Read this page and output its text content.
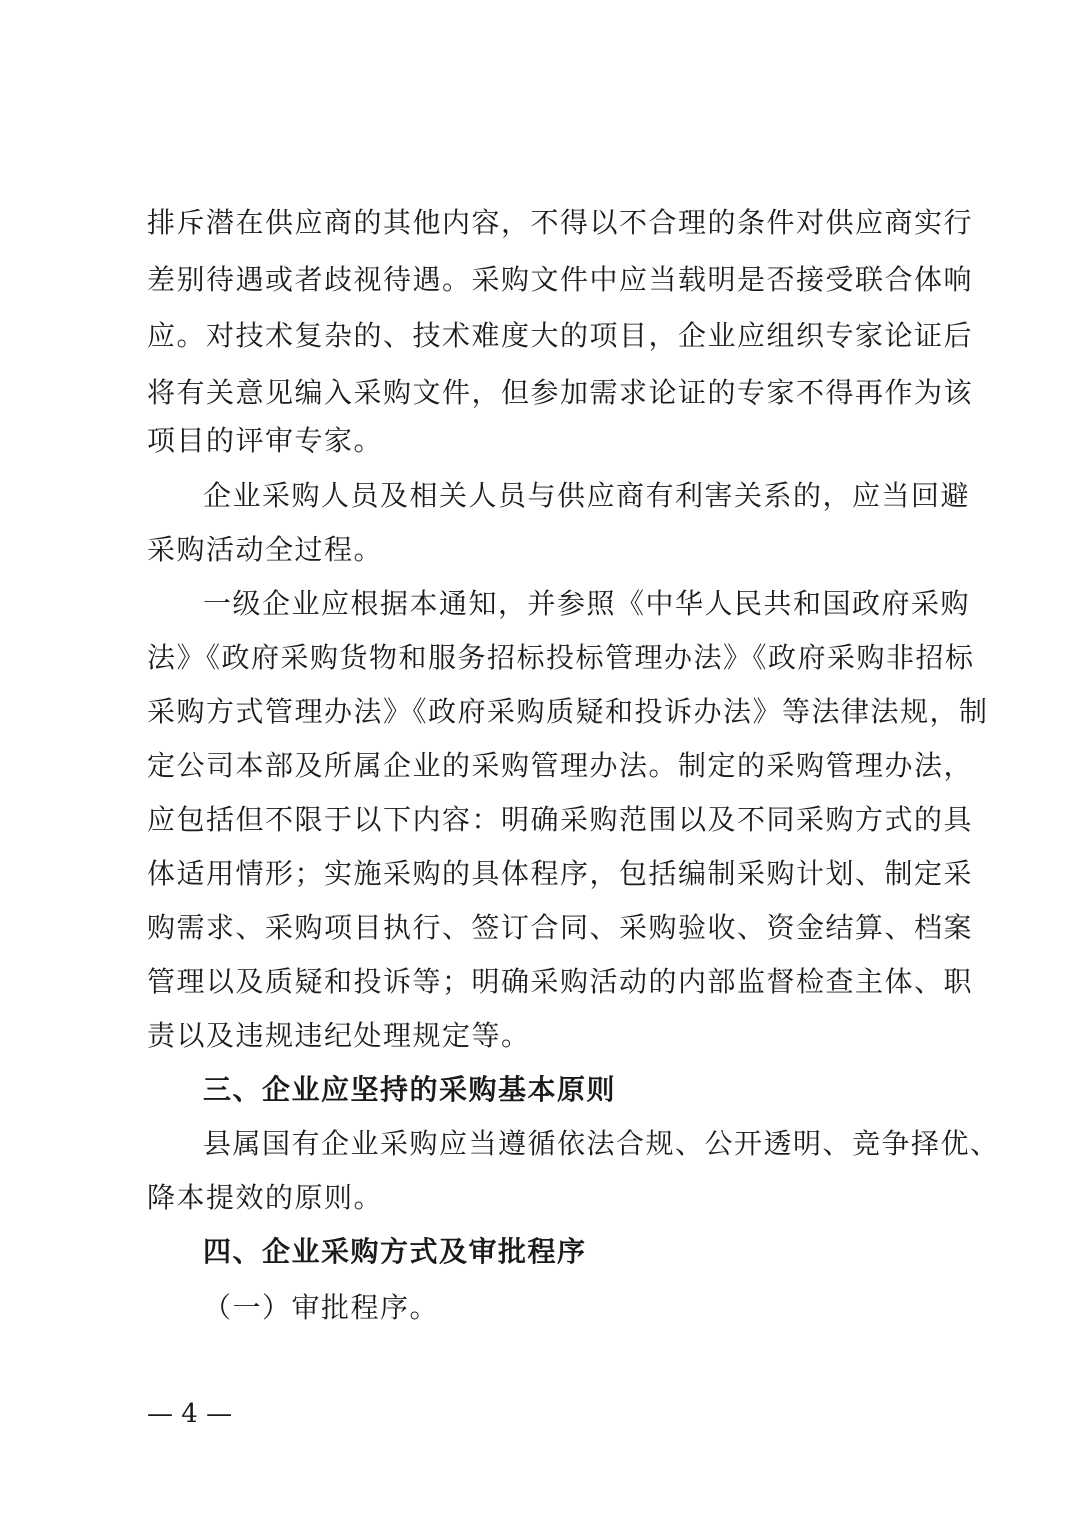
排斥潜在供应商的其他内容，不得以不合理的条件对供应商实行
差别待遇或者歧视待遇。采购文件中应当载明是否接受联合体响
应。对技术复杂的、技术难度大的项目，企业应组织专家论证后
将有关意见编入采购文件，但参加需求论证的专家不得再作为该
项目的评审专家。
企业采购人员及相关人员与供应商有利害关系的，应当回避
采购活动全过程。
一级企业应根据本通知，并参照《中华人民共和国政府采购
法》《政府采购货物和服务招标投标管理办法》《政府采购非招标
采购方式管理办法》《政府采购质疑和投诉办法》等法律法规，制
定公司本部及所属企业的采购管理办法。制定的采购管理办法，
应包括但不限于以下内容：明确采购范围以及不同采购方式的具
体适用情形；实施采购的具体程序，包括编制采购计划、制定采
购需求、采购项目执行、签订合同、采购验收、资金结算、档案
管理以及质疑和投诉等；明确采购活动的内部监督检查主体、职
责以及违规违纪处理规定等。
三、企业应坚持的采购基本原则
县属国有企业采购应当遵循依法合规、公开透明、竞争择优、
降本提效的原则。
四、企业采购方式及审批程序
（一）审批程序。
— 4 —
